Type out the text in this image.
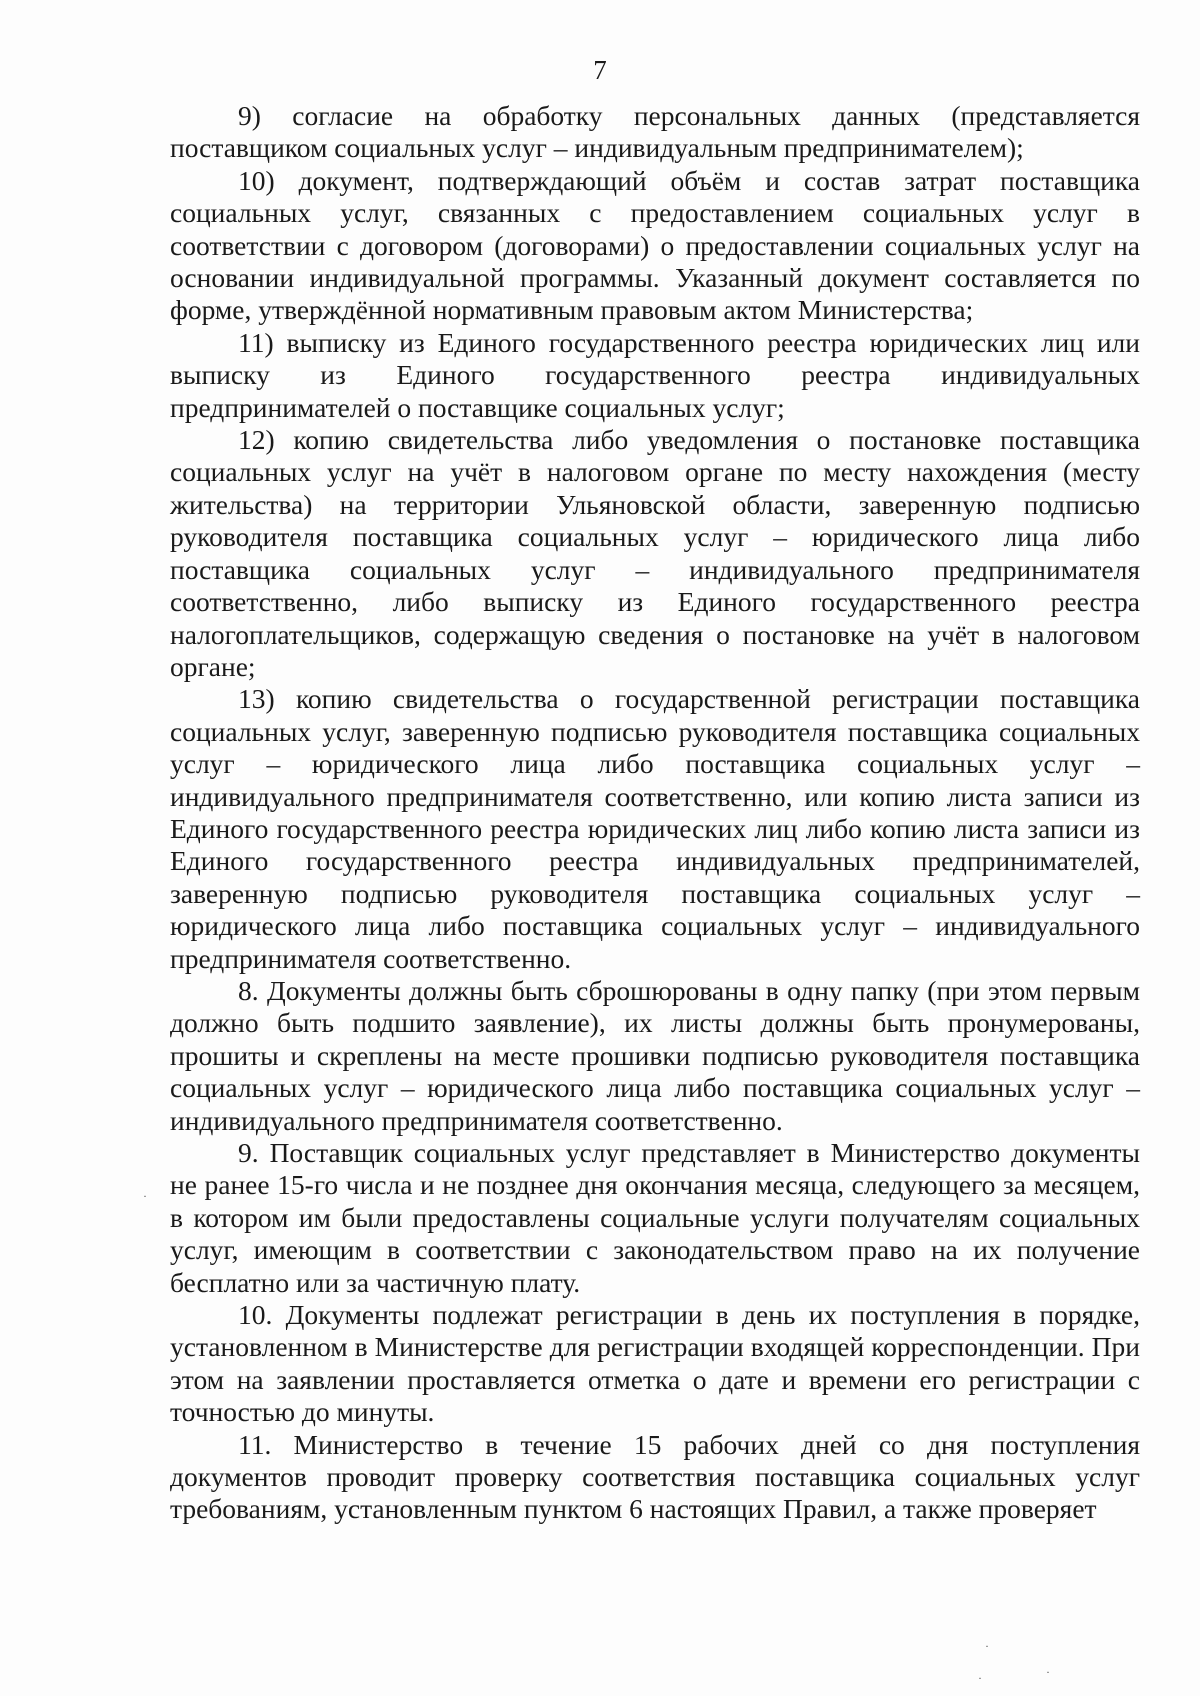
7

9) согласие на обработку персональных данных (представляется поставщиком социальных услуг – индивидуальным предпринимателем);

10) документ, подтверждающий объём и состав затрат поставщика социальных услуг, связанных с предоставлением социальных услуг в соответствии с договором (договорами) о предоставлении социальных услуг на основании индивидуальной программы. Указанный документ составляется по форме, утверждённой нормативным правовым актом Министерства;

11) выписку из Единого государственного реестра юридических лиц или выписку из Единого государственного реестра индивидуальных предпринимателей о поставщике социальных услуг;

12) копию свидетельства либо уведомления о постановке поставщика социальных услуг на учёт в налоговом органе по месту нахождения (месту жительства) на территории Ульяновской области, заверенную подписью руководителя поставщика социальных услуг – юридического лица либо поставщика социальных услуг – индивидуального предпринимателя соответственно, либо выписку из Единого государственного реестра налогоплательщиков, содержащую сведения о постановке на учёт в налоговом органе;

13) копию свидетельства о государственной регистрации поставщика социальных услуг, заверенную подписью руководителя поставщика социальных услуг – юридического лица либо поставщика социальных услуг – индивидуального предпринимателя соответственно, или копию листа записи из Единого государственного реестра юридических лиц либо копию листа записи из Единого государственного реестра индивидуальных предпринимателей, заверенную подписью руководителя поставщика социальных услуг – юридического лица либо поставщика социальных услуг – индивидуального предпринимателя соответственно.

8. Документы должны быть сброшюрованы в одну папку (при этом первым должно быть подшито заявление), их листы должны быть пронумерованы, прошиты и скреплены на месте прошивки подписью руководителя поставщика социальных услуг – юридического лица либо поставщика социальных услуг – индивидуального предпринимателя соответственно.

9. Поставщик социальных услуг представляет в Министерство документы не ранее 15-го числа и не позднее дня окончания месяца, следующего за месяцем, в котором им были предоставлены социальные услуги получателям социальных услуг, имеющим в соответствии с законодательством право на их получение бесплатно или за частичную плату.

10. Документы подлежат регистрации в день их поступления в порядке, установленном в Министерстве для регистрации входящей корреспонденции. При этом на заявлении проставляется отметка о дате и времени его регистрации с точностью до минуты.

11. Министерство в течение 15 рабочих дней со дня поступления документов проводит проверку соответствия поставщика социальных услуг требованиям, установленным пунктом 6 настоящих Правил, а также проверяет

·
·
·
·
